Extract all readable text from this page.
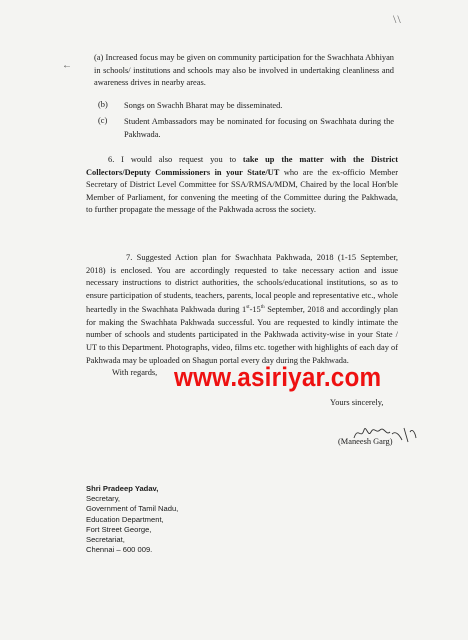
\\
←
(a) Increased focus may be given on community participation for the Swachhata Abhiyan in schools/ institutions and schools may also be involved in undertaking cleanliness and awareness drives in nearby areas.
(b) Songs on Swachh Bharat may be disseminated.
(c) Student Ambassadors may be nominated for focusing on Swachhata during the Pakhwada.
6. I would also request you to take up the matter with the District Collectors/Deputy Commissioners in your State/UT who are the ex-officio Member Secretary of District Level Committee for SSA/RMSA/MDM, Chaired by the local Hon'ble Member of Parliament, for convening the meeting of the Committee during the Pakhwada, to further propagate the message of the Pakhwada across the society.
7. Suggested Action plan for Swachhata Pakhwada, 2018 (1-15 September, 2018) is enclosed. You are accordingly requested to take necessary action and issue necessary instructions to district authorities, the schools/educational institutions, so as to ensure participation of students, teachers, parents, local people and representative etc., whole heartedly in the Swachhata Pakhwada during 1st-15th September, 2018 and accordingly plan for making the Swachhata Pakhwada successful. You are requested to kindly intimate the number of schools and students participated in the Pakhwada activity-wise in your State / UT to this Department. Photographs, video, films etc. together with highlights of each day of Pakhwada may be uploaded on Shagun portal every day during the Pakhwada.
With regards, www.asiriyar.com
Yours sincerely,
(Maneesh Garg)
Shri Pradeep Yadav,
Secretary,
Government of Tamil Nadu,
Education Department,
Fort Street George,
Secretariat,
Chennai – 600 009.
